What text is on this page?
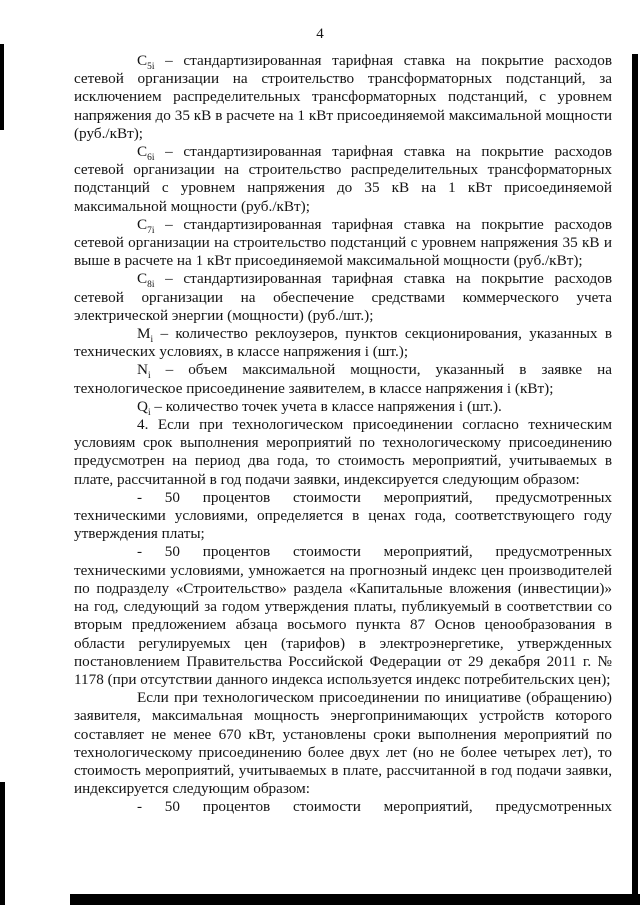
4

$С_{5i}$ – стандартизированная тарифная ставка на покрытие расходов сетевой организации на строительство трансформаторных подстанций, за исключением распределительных трансформаторных подстанций, с уровнем напряжения до 35 кВ в расчете на 1 кВт присоединяемой максимальной мощности (руб./кВт);

$С_{6i}$ – стандартизированная тарифная ставка на покрытие расходов сетевой организации на строительство распределительных трансформаторных подстанций с уровнем напряжения до 35 кВ на 1 кВт присоединяемой максимальной мощности (руб./кВт);

$С_{7i}$ – стандартизированная тарифная ставка на покрытие расходов сетевой организации на строительство подстанций с уровнем напряжения 35 кВ и выше в расчете на 1 кВт присоединяемой максимальной мощности (руб./кВт);

$С_{8i}$ – стандартизированная тарифная ставка на покрытие расходов сетевой организации на обеспечение средствами коммерческого учета электрической энергии (мощности) (руб./шт.);

$М_i$ – количество реклоузеров, пунктов секционирования, указанных в технических условиях, в классе напряжения i (шт.);

$N_i$ – объем максимальной мощности, указанный в заявке на технологическое присоединение заявителем, в классе напряжения i (кВт);

$Q_i$ – количество точек учета в классе напряжения i (шт.).

4. Если при технологическом присоединении согласно техническим условиям срок выполнения мероприятий по технологическому присоединению предусмотрен на период два года, то стоимость мероприятий, учитываемых в плате, рассчитанной в год подачи заявки, индексируется следующим образом:

- 50 процентов стоимости мероприятий, предусмотренных техническими условиями, определяется в ценах года, соответствующего году утверждения платы;

- 50 процентов стоимости мероприятий, предусмотренных техническими условиями, умножается на прогнозный индекс цен производителей по подразделу «Строительство» раздела «Капитальные вложения (инвестиции)» на год, следующий за годом утверждения платы, публикуемый в соответствии со вторым предложением абзаца восьмого пункта 87 Основ ценообразования в области регулируемых цен (тарифов) в электроэнергетике, утвержденных постановлением Правительства Российской Федерации от 29 декабря 2011 г. № 1178 (при отсутствии данного индекса используется индекс потребительских цен);

Если при технологическом присоединении по инициативе (обращению) заявителя, максимальная мощность энергопринимающих устройств которого составляет не менее 670 кВт, установлены сроки выполнения мероприятий по технологическому присоединению более двух лет (но не более четырех лет), то стоимость мероприятий, учитываемых в плате, рассчитанной в год подачи заявки, индексируется следующим образом:

- 50 процентов стоимости мероприятий, предусмотренных
